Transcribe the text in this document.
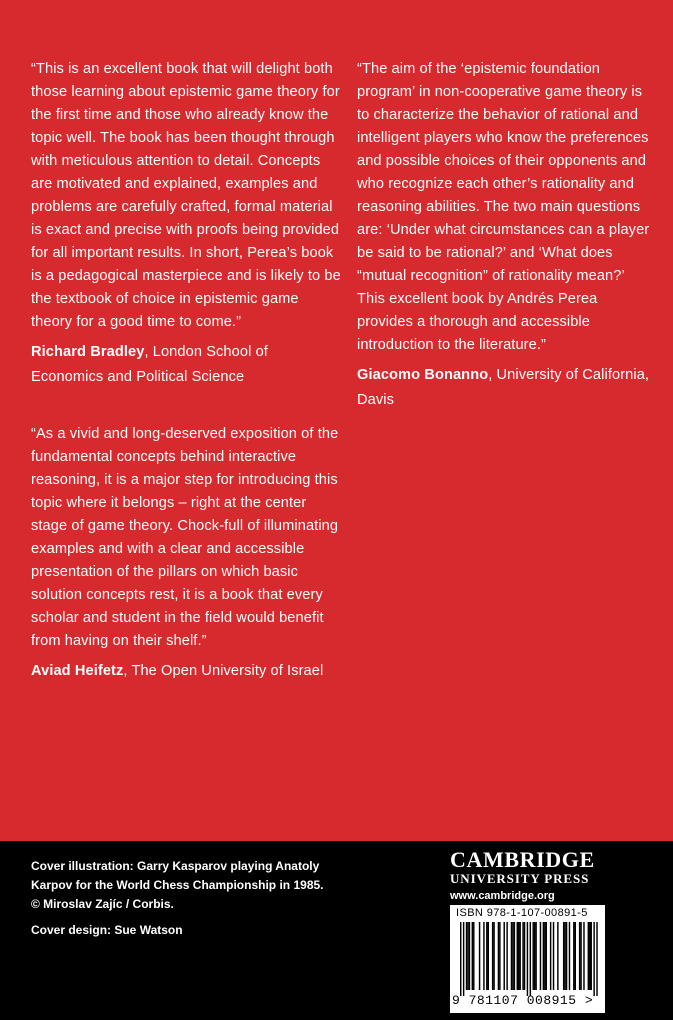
“This is an excellent book that will delight both those learning about epistemic game theory for the first time and those who already know the topic well. The book has been thought through with meticulous attention to detail. Concepts are motivated and explained, examples and problems are carefully crafted, formal material is exact and precise with proofs being provided for all important results. In short, Perea’s book is a pedagogical masterpiece and is likely to be the textbook of choice in epistemic game theory for a good time to come.”

Richard Bradley, London School of Economics and Political Science

“As a vivid and long-deserved exposition of the fundamental concepts behind interactive reasoning, it is a major step for introducing this topic where it belongs – right at the center stage of game theory. Chock-full of illuminating examples and with a clear and accessible presentation of the pillars on which basic solution concepts rest, it is a book that every scholar and student in the field would benefit from having on their shelf.”

Aviad Heifetz, The Open University of Israel

“The aim of the ‘epistemic foundation program’ in non-cooperative game theory is to characterize the behavior of rational and intelligent players who know the preferences and possible choices of their opponents and who recognize each other’s rationality and reasoning abilities. The two main questions are: ‘Under what circumstances can a player be said to be rational?’ and ‘What does “mutual recognition” of rationality mean?’ This excellent book by Andrés Perea provides a thorough and accessible introduction to the literature.”

Giacomo Bonanno, University of California, Davis

Cover illustration: Garry Kasparov playing Anatoly Karpov for the World Chess Championship in 1985. © Miroslav Zajíc / Corbis.

Cover design: Sue Watson

CAMBRIDGE
UNIVERSITY PRESS
www.cambridge.org
ISBN 978-1-107-00891-5
9 781107 008915 >
